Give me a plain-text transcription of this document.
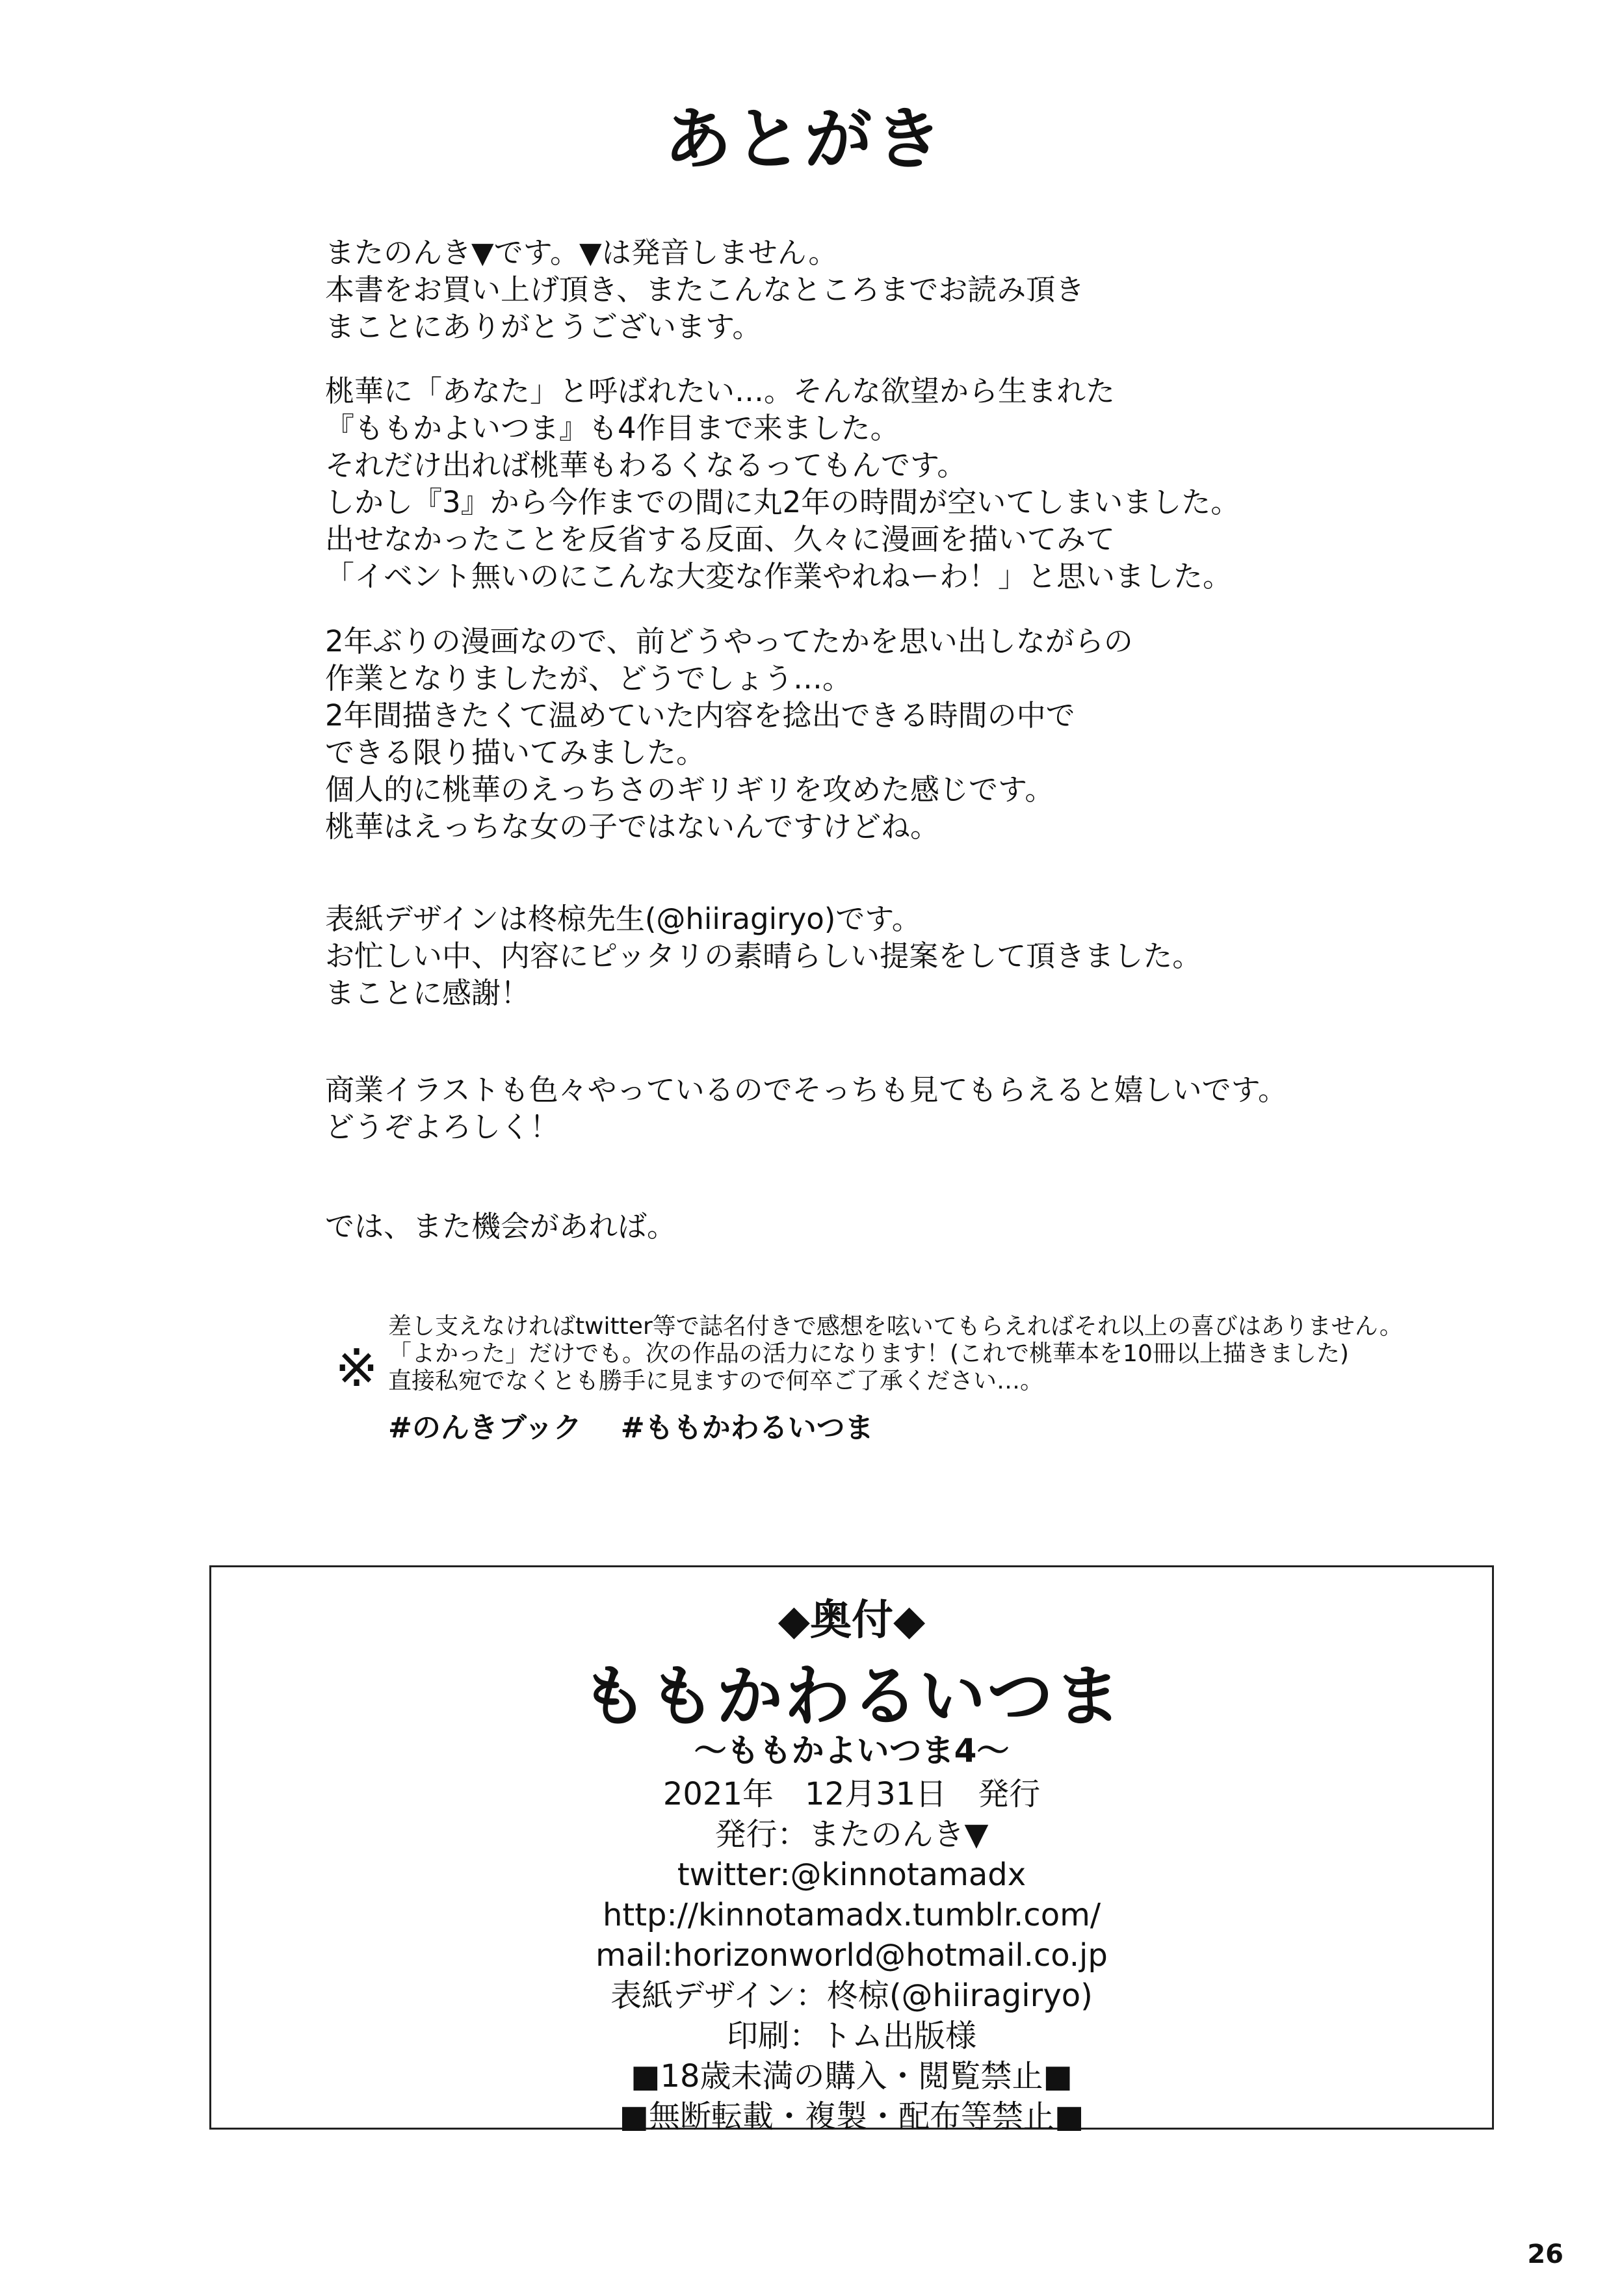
あとがき
またのんき▼です。▼は発音しません。
本書をお買い上げ頂き、またこんなところまでお読み頂き
まことにありがとうございます。
桃華に「あなた」と呼ばれたい…。そんな欲望から生まれた
『ももかよいつま』も4作目まで来ました。
それだけ出れば桃華もわるくなるってもんです。
しかし『3』から今作までの間に丸2年の時間が空いてしまいました。
出せなかったことを反省する反面、久々に漫画を描いてみて
「イベント無いのにこんな大変な作業やれねーわ！」と思いました。
2年ぶりの漫画なので、前どうやってたかを思い出しながらの
作業となりましたが、どうでしょう…。
2年間描きたくて温めていた内容を捻出できる時間の中で
できる限り描いてみました。
個人的に桃華のえっちさのギリギリを攻めた感じです。
桃華はえっちな女の子ではないんですけどね。
表紙デザインは柊椋先生(@hiiragiryo)です。
お忙しい中、内容にピッタリの素晴らしい提案をして頂きました。
まことに感謝！
商業イラストも色々やっているのでそっちも見てもらえると嬉しいです。
どうぞよろしく！
では、また機会があれば。
※
差し支えなければtwitter等で誌名付きで感想を呟いてもらえればそれ以上の喜びはありません。
「よかった」だけでも。次の作品の活力になります！(これで桃華本を10冊以上描きました)
直接私宛でなくとも勝手に見ますので何卒ご了承ください…。
#のんきブック #ももかわるいつま
◆奥付◆
ももかわるいつま
～ももかよいつま4～
2021年　12月31日　発行
発行：またのんき▼
twitter:@kinnotamadx
http://kinnotamadx.tumblr.com/
mail:horizonworld@hotmail.co.jp
表紙デザイン：柊椋(@hiiragiryo)
印刷：トム出版様
■18歳未満の購入・閲覧禁止■
■無断転載・複製・配布等禁止■
26
